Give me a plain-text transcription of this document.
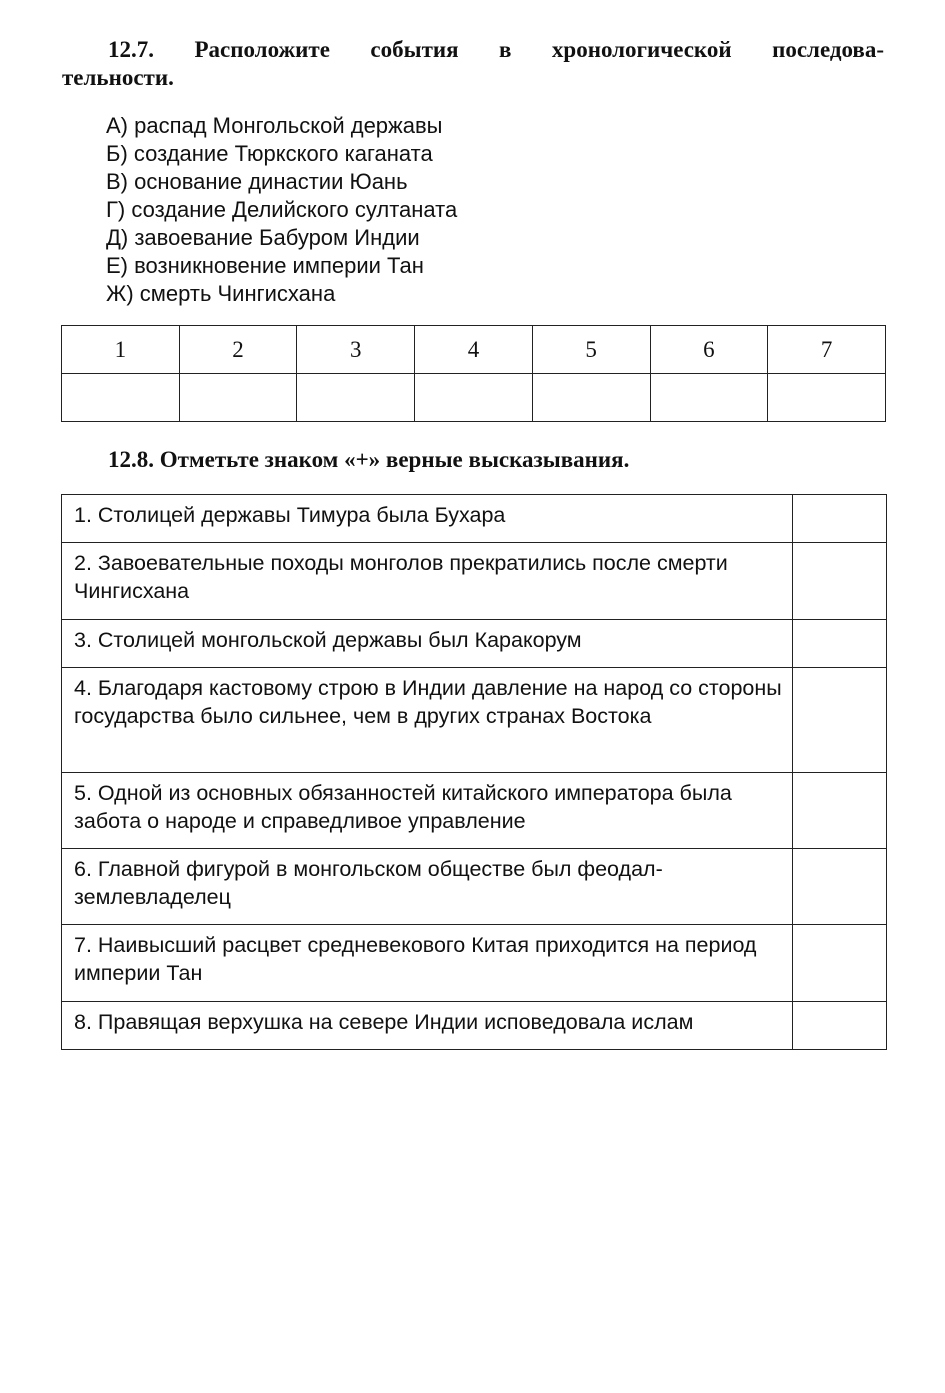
12.7. Расположите события в хронологической последова-
тельности.
А) распад Монгольской державы
Б) создание Тюркского каганата
В) основание династии Юань
Г) создание Делийского султаната
Д) завоевание Бабуром Индии
Е) возникновение империи Тан
Ж) смерть Чингисхана
1	2	3	4	5	6	7

12.8. Отметьте знаком «+» верные высказывания.
1. Столицей державы Тимура была Бухара	
2. Завоевательные походы монголов прекратились после смерти Чингисхана	
3. Столицей монгольской державы был Каракорум	
4. Благодаря кастовому строю в Индии давление на народ со стороны государства было сильнее, чем в других странах Востока	
5. Одной из основных обязанностей китайского императора была забота о народе и справедливое управление	
6. Главной фигурой в монгольском обществе был феодал-землевладелец	
7. Наивысший расцвет средневекового Китая приходится на период империи Тан	
8. Правящая верхушка на севере Индии исповедовала ислам	
